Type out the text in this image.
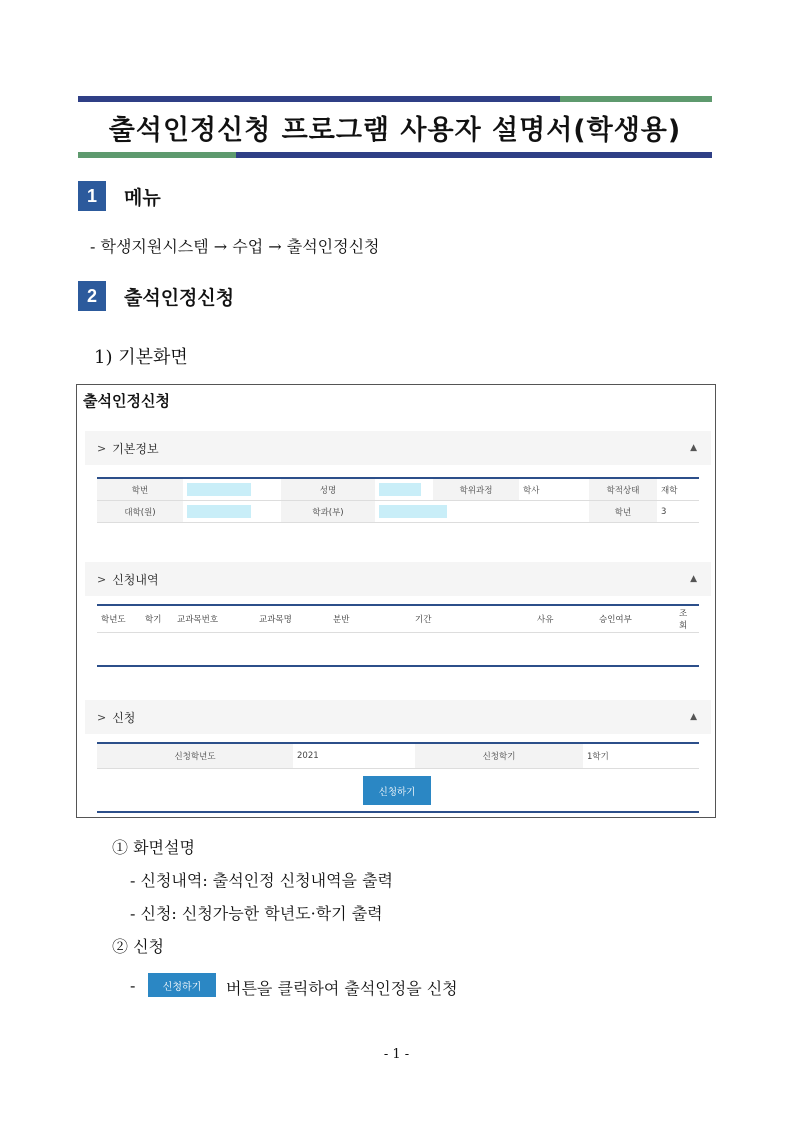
출석인정신청 프로그램 사용자 설명서(학생용)
1	메뉴
- 학생지원시스템 → 수업 → 출석인정신청
2	출석인정신청
1) 기본화면
출석인정신청
> 기본정보	▲
학번		성명		학위과정	학사	학적상태	재학
대학(원)		학과(부)				학년	3
> 신청내역	▲
학년도	학기	교과목번호	교과목명	분반	기간	사유	승인여부	조회
> 신청	▲
신청학년도	2021	신청학기	1학기
신청하기
① 화면설명
- 신청내역: 출석인정 신청내역을 출력
- 신청: 신청가능한 학년도·학기 출력
② 신청
-	신청하기	버튼을 클릭하여 출석인정을 신청
- 1 -
